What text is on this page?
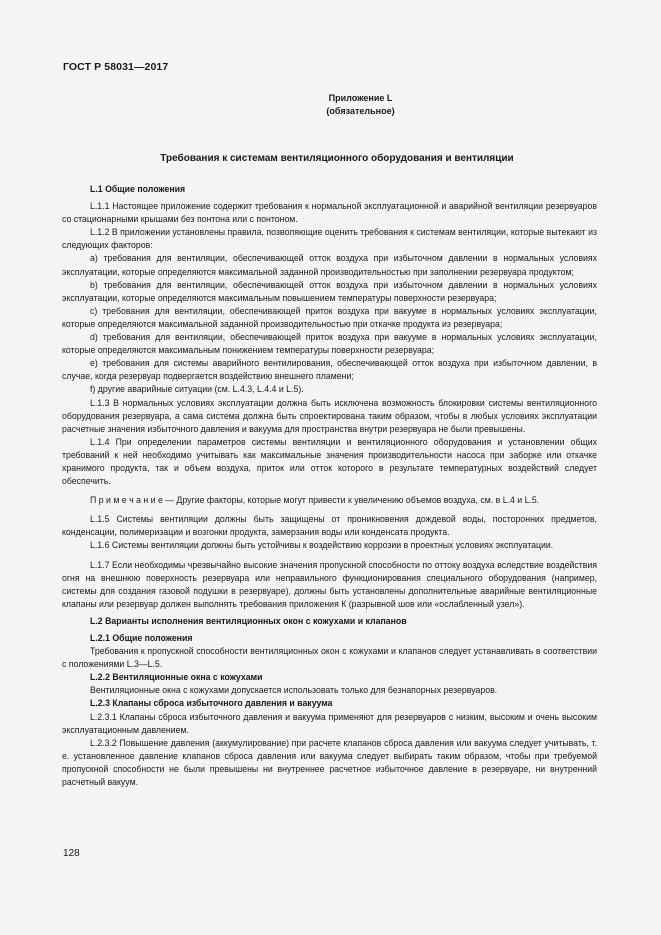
ГОСТ Р 58031—2017
Приложение L
(обязательное)
Требования к системам вентиляционного оборудования и вентиляции

L.1 Общие положения

L.1.1 Настоящее приложение содержит требования к нормальной эксплуатационной и аварийной вентиляции резервуаров со стационарными крышами без понтона или с понтоном.

L.1.2 В приложении установлены правила, позволяющие оценить требования к системам вентиляции, которые вытекают из следующих факторов:

а) требования для вентиляции, обеспечивающей отток воздуха при избыточном давлении в нормальных условиях эксплуатации, которые определяются максимальной заданной производительностью при заполнении резервуара продуктом;

b) требования для вентиляции, обеспечивающей отток воздуха при избыточном давлении в нормальных условиях эксплуатации, которые определяются максимальным повышением температуры поверхности резервуара;

с) требования для вентиляции, обеспечивающей приток воздуха при вакууме в нормальных условиях эксплуатации, которые определяются максимальной заданной производительностью при откачке продукта из резервуара;

d) требования для вентиляции, обеспечивающей приток воздуха при вакууме в нормальных условиях эксплуатации, которые определяются максимальным понижением температуры поверхности резервуара;

е) требования для системы аварийного вентилирования, обеспечивающей отток воздуха при избыточном давлении, в случае, когда резервуар подвергается воздействию внешнего пламени;

f) другие аварийные ситуации (см. L.4.3, L.4.4 и L.5).

L.1.3 В нормальных условиях эксплуатации должна быть исключена возможность блокировки системы вентиляционного оборудования резервуара, а сама система должна быть спроектирована таким образом, чтобы в любых условиях эксплуатации расчетные значения избыточного давления и вакуума для пространства внутри резервуара не были превышены.

L.1.4 При определении параметров системы вентиляции и вентиляционного оборудования и установлении общих требований к ней необходимо учитывать как максимальные значения производительности насоса при заборке или откачке хранимого продукта, так и объем воздуха, приток или отток которого в результате температурных воздействий следует обеспечить.

П р и м е ч а н и е — Другие факторы, которые могут привести к увеличению объемов воздуха, см. в L.4 и L.5.

L.1.5 Системы вентиляции должны быть защищены от проникновения дождевой воды, посторонних предметов, конденсации, полимеризации и возгонки продукта, замерзания воды или конденсата продукта.

L.1.6 Системы вентиляции должны быть устойчивы к воздействию коррозии в проектных условиях эксплуатации.

L.1.7 Если необходимы чрезвычайно высокие значения пропускной способности по оттоку воздуха вследствие воздействия огня на внешнюю поверхность резервуара или неправильного функционирования специального оборудования (например, системы для создания газовой подушки в резервуаре), должны быть установлены дополнительные аварийные вентиляционные клапаны или резервуар должен выполнять требования приложения К (разрывной шов или «ослабленный узел»).

L.2 Варианты исполнения вентиляционных окон с кожухами и клапанов

L.2.1 Общие положения

Требования к пропускной способности вентиляционных окон с кожухами и клапанов следует устанавливать в соответствии с положениями L.3—L.5.

L.2.2 Вентиляционные окна с кожухами

Вентиляционные окна с кожухами допускается использовать только для безнапорных резервуаров.

L.2.3 Клапаны сброса избыточного давления и вакуума

L.2.3.1 Клапаны сброса избыточного давления и вакуума применяют для резервуаров с низким, высоким и очень высоким эксплуатационным давлением.

L.2.3.2 Повышение давления (аккумулирование) при расчете клапанов сброса давления или вакуума следует учитывать, т. е. установленное давление клапанов сброса давления или вакуума следует выбирать таким образом, чтобы при требуемой пропускной способности не были превышены ни внутреннее расчетное избыточное давление в резервуаре, ни внутренний расчетный вакуум.

128
